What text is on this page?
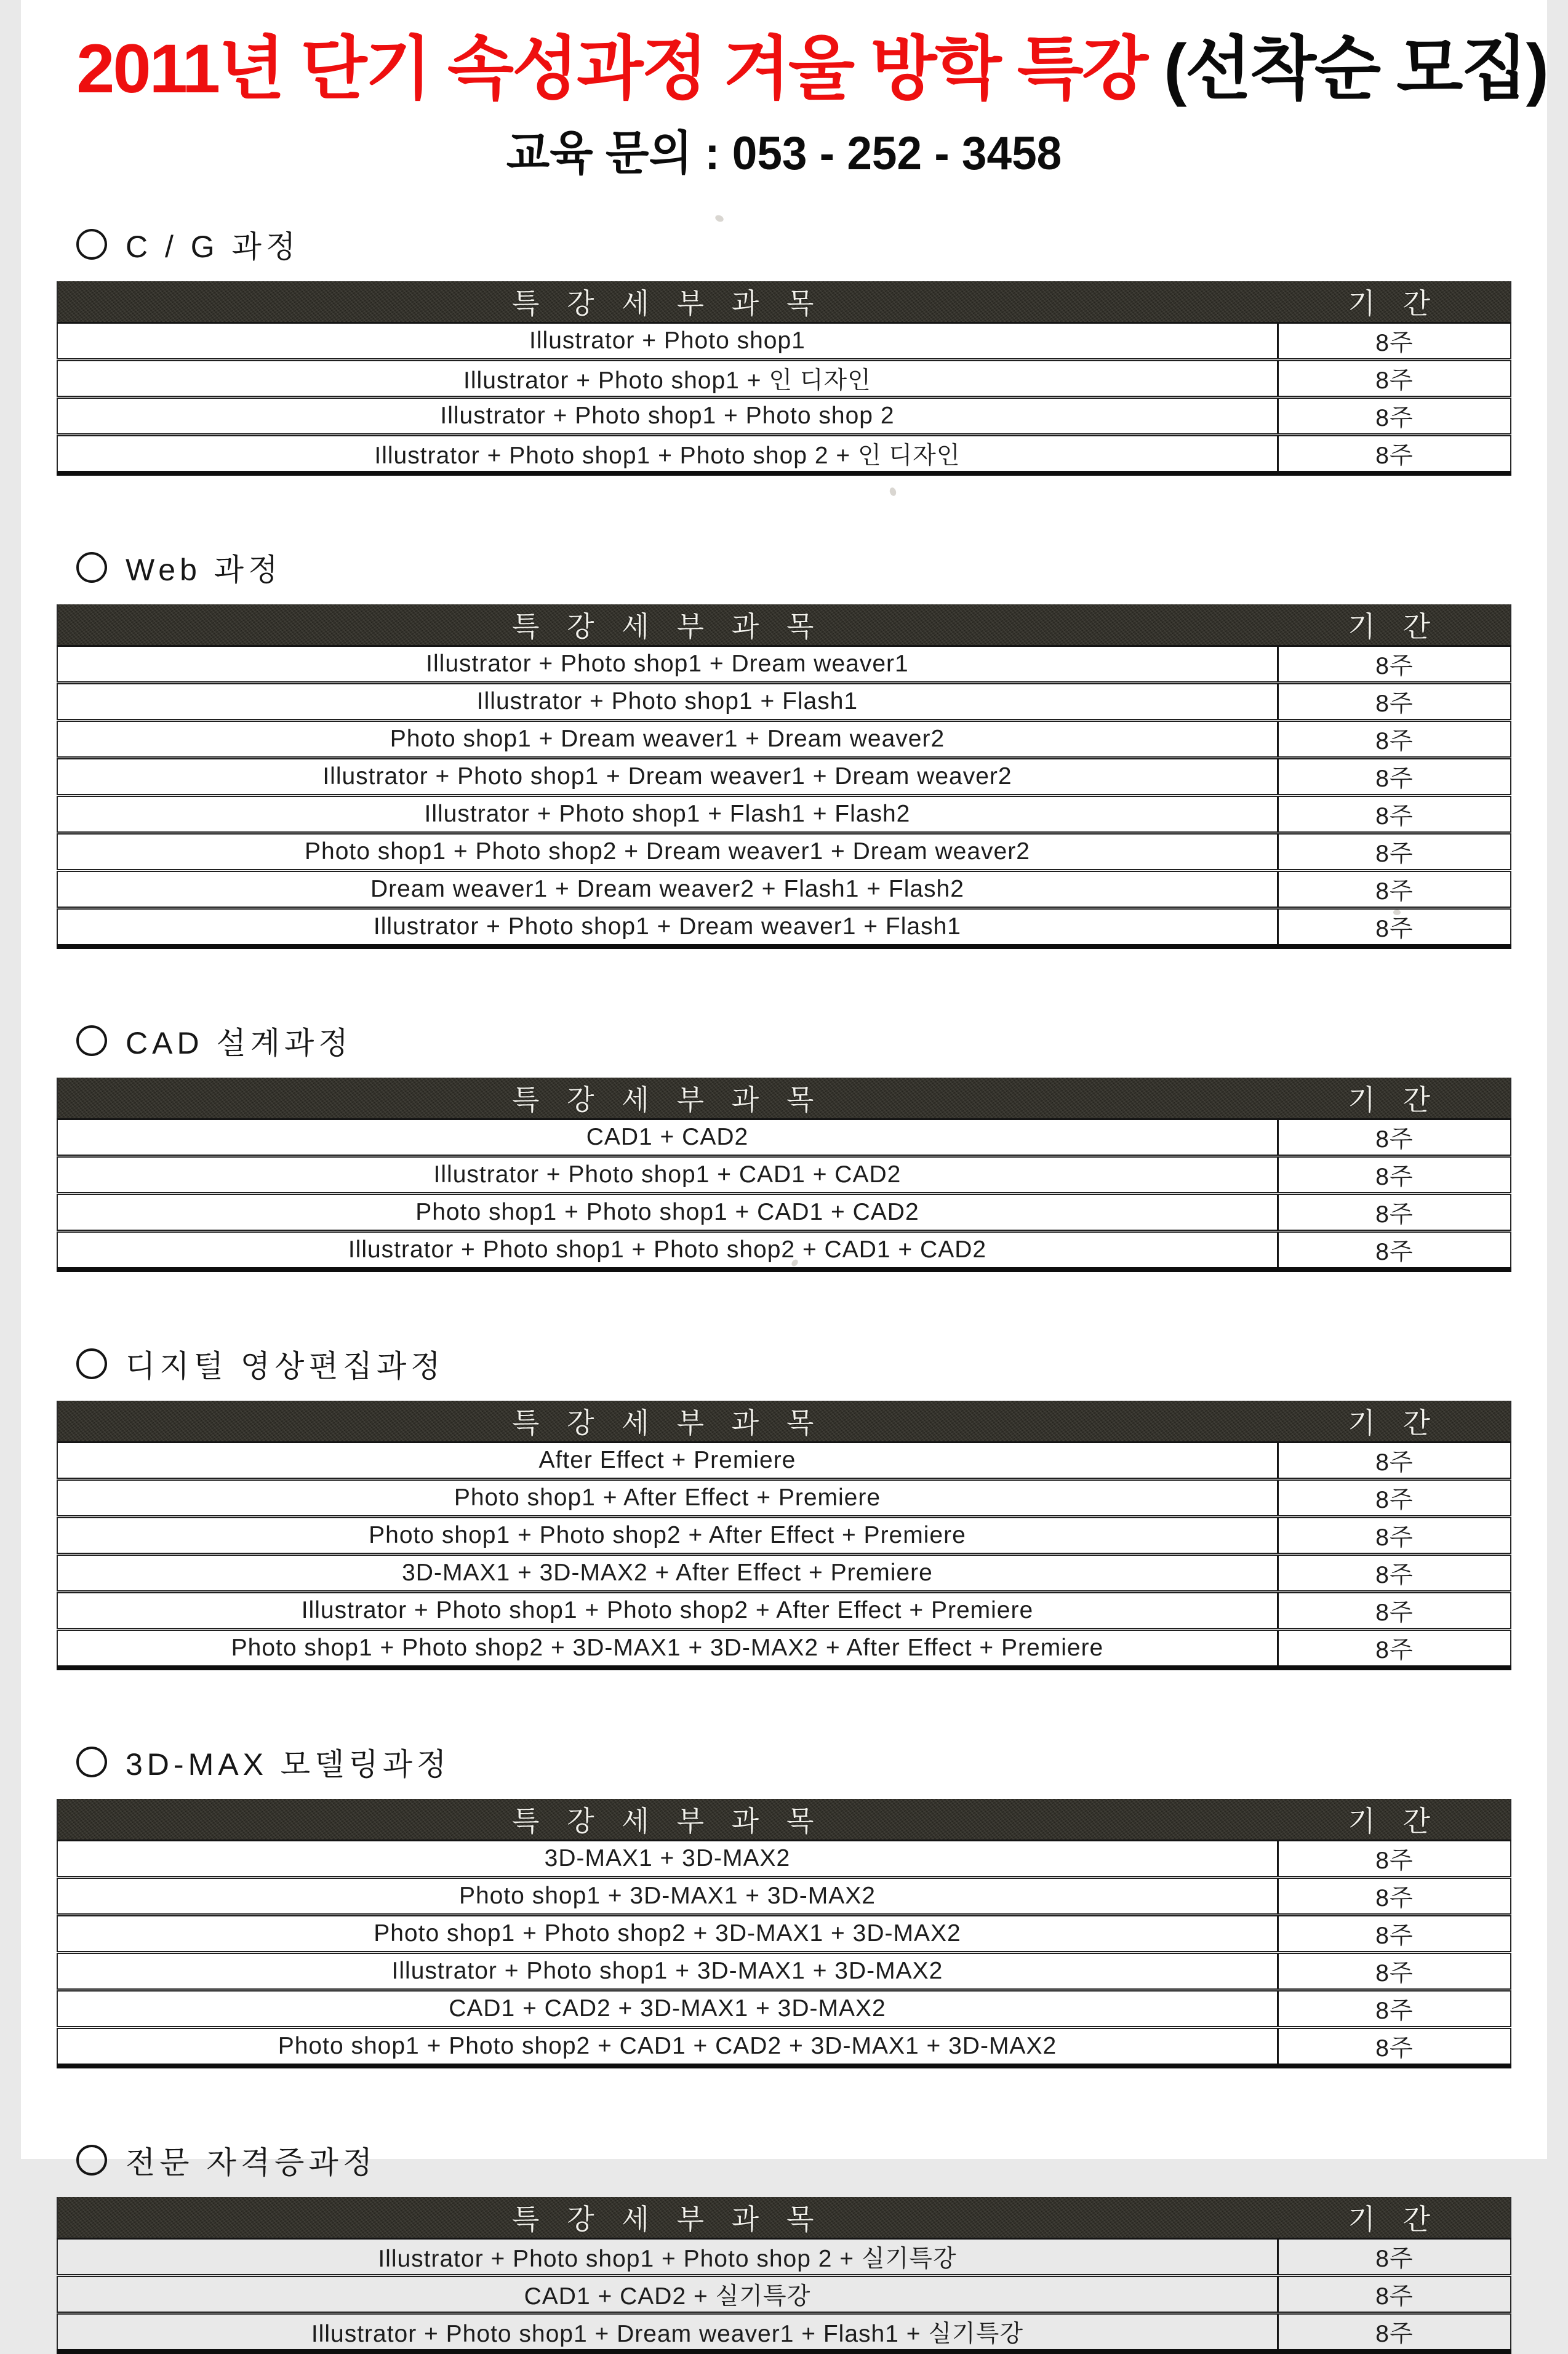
2011년 단기 속성과정 겨울 방학 특강 (선착순 모집)
교육 문의 : 053 - 252 - 3458
C / G 과정
특 강 세 부 과 목	기 간
Illustrator + Photo shop1	8주
Illustrator + Photo shop1 + 인 디자인	8주
Illustrator + Photo shop1 + Photo shop 2	8주
Illustrator + Photo shop1 + Photo shop 2 + 인 디자인	8주
Web 과정
특 강 세 부 과 목	기 간
Illustrator + Photo shop1 + Dream weaver1	8주
Illustrator + Photo shop1 + Flash1	8주
Photo shop1 + Dream weaver1 + Dream weaver2	8주
Illustrator + Photo shop1 + Dream weaver1 + Dream weaver2	8주
Illustrator + Photo shop1 + Flash1 + Flash2	8주
Photo shop1 + Photo shop2 + Dream weaver1 + Dream weaver2	8주
Dream weaver1 + Dream weaver2 + Flash1 + Flash2	8주
Illustrator + Photo shop1 + Dream weaver1 + Flash1	8주
CAD 설계과정
특 강 세 부 과 목	기 간
CAD1 + CAD2	8주
Illustrator + Photo shop1 + CAD1 + CAD2	8주
Photo shop1 + Photo shop1 + CAD1 + CAD2	8주
Illustrator + Photo shop1 + Photo shop2 + CAD1 + CAD2	8주
디지털 영상편집과정
특 강 세 부 과 목	기 간
After Effect + Premiere	8주
Photo shop1 + After Effect + Premiere	8주
Photo shop1 + Photo shop2 + After Effect + Premiere	8주
3D-MAX1 + 3D-MAX2 + After Effect + Premiere	8주
Illustrator + Photo shop1 + Photo shop2 + After Effect + Premiere	8주
Photo shop1 + Photo shop2 + 3D-MAX1 + 3D-MAX2 + After Effect + Premiere	8주
3D-MAX 모델링과정
특 강 세 부 과 목	기 간
3D-MAX1 + 3D-MAX2	8주
Photo shop1 + 3D-MAX1 + 3D-MAX2	8주
Photo shop1 + Photo shop2 + 3D-MAX1 + 3D-MAX2	8주
Illustrator + Photo shop1 + 3D-MAX1 + 3D-MAX2	8주
CAD1 + CAD2 + 3D-MAX1 + 3D-MAX2	8주
Photo shop1 + Photo shop2 + CAD1 + CAD2 + 3D-MAX1 + 3D-MAX2	8주
전문 자격증과정
특 강 세 부 과 목	기 간
Illustrator + Photo shop1 + Photo shop 2 + 실기특강	8주
CAD1 + CAD2 + 실기특강	8주
Illustrator + Photo shop1 + Dream weaver1 + Flash1 + 실기특강	8주
